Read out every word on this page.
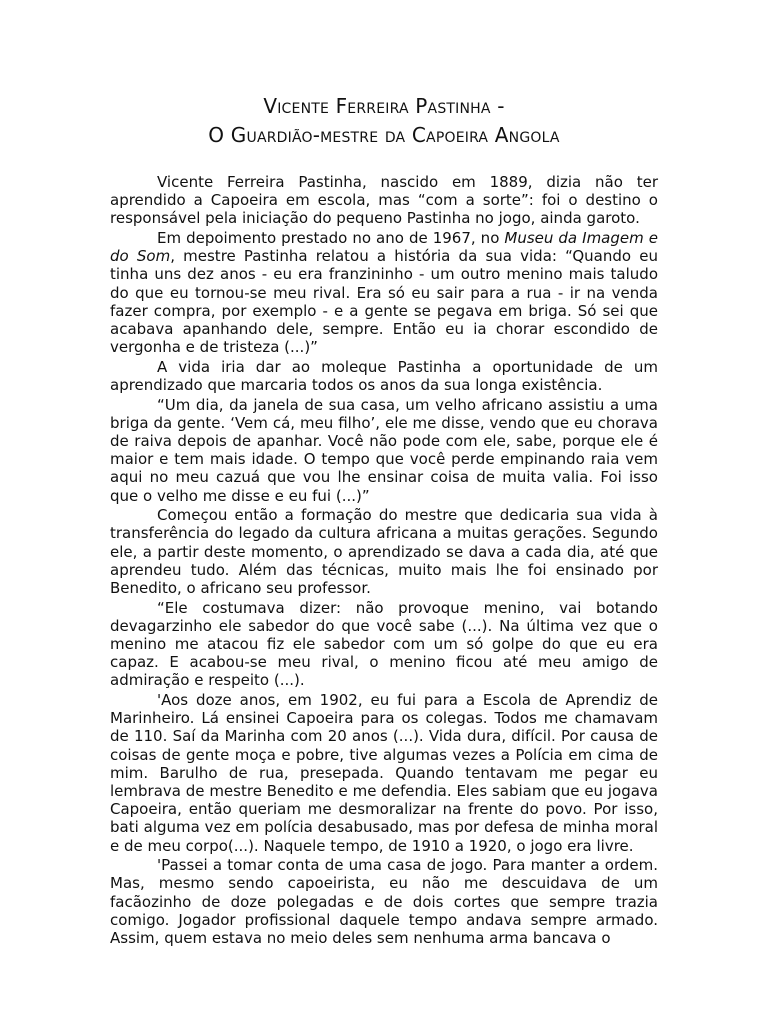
Vicente Ferreira Pastinha -
O Guardião-mestre da Capoeira Angola

Vicente Ferreira Pastinha, nascido em 1889, dizia não ter aprendido a Capoeira em escola, mas “com a sorte”: foi o destino o responsável pela iniciação do pequeno Pastinha no jogo, ainda garoto.

Em depoimento prestado no ano de 1967, no Museu da Imagem e do Som, mestre Pastinha relatou a história da sua vida: “Quando eu tinha uns dez anos - eu era franzininho - um outro menino mais taludo do que eu tornou-se meu rival. Era só eu sair para a rua - ir na venda fazer compra, por exemplo - e a gente se pegava em briga. Só sei que acabava apanhando dele, sempre. Então eu ia chorar escondido de vergonha e de tristeza (...)”

A vida iria dar ao moleque Pastinha a oportunidade de um aprendizado que marcaria todos os anos da sua longa existência.

“Um dia, da janela de sua casa, um velho africano assistiu a uma briga da gente. ‘Vem cá, meu filho’, ele me disse, vendo que eu chorava de raiva depois de apanhar. Você não pode com ele, sabe, porque ele é maior e tem mais idade. O tempo que você perde empinando raia vem aqui no meu cazuá que vou lhe ensinar coisa de muita valia. Foi isso que o velho me disse e eu fui (...)”

Começou então a formação do mestre que dedicaria sua vida à transferência do legado da cultura africana a muitas gerações. Segundo ele, a partir deste momento, o aprendizado se dava a cada dia, até que aprendeu tudo. Além das técnicas, muito mais lhe foi ensinado por Benedito, o africano seu professor.

“Ele costumava dizer: não provoque menino, vai botando devagarzinho ele sabedor do que você sabe (...). Na última vez que o menino me atacou fiz ele sabedor com um só golpe do que eu era capaz. E acabou-se meu rival, o menino ficou até meu amigo de admiração e respeito (...).

'Aos doze anos, em 1902, eu fui para a Escola de Aprendiz de Marinheiro. Lá ensinei Capoeira para os colegas. Todos me chamavam de 110. Saí da Marinha com 20 anos (...). Vida dura, difícil. Por causa de coisas de gente moça e pobre, tive algumas vezes a Polícia em cima de mim. Barulho de rua, presepada. Quando tentavam me pegar eu lembrava de mestre Benedito e me defendia. Eles sabiam que eu jogava Capoeira, então queriam me desmoralizar na frente do povo. Por isso, bati alguma vez em polícia desabusado, mas por defesa de minha moral e de meu corpo(...). Naquele tempo, de 1910 a 1920, o jogo era livre.

'Passei a tomar conta de uma casa de jogo. Para manter a ordem. Mas, mesmo sendo capoeirista, eu não me descuidava de um facãozinho de doze polegadas e de dois cortes que sempre trazia comigo. Jogador profissional daquele tempo andava sempre armado. Assim, quem estava no meio deles sem nenhuma arma bancava o
